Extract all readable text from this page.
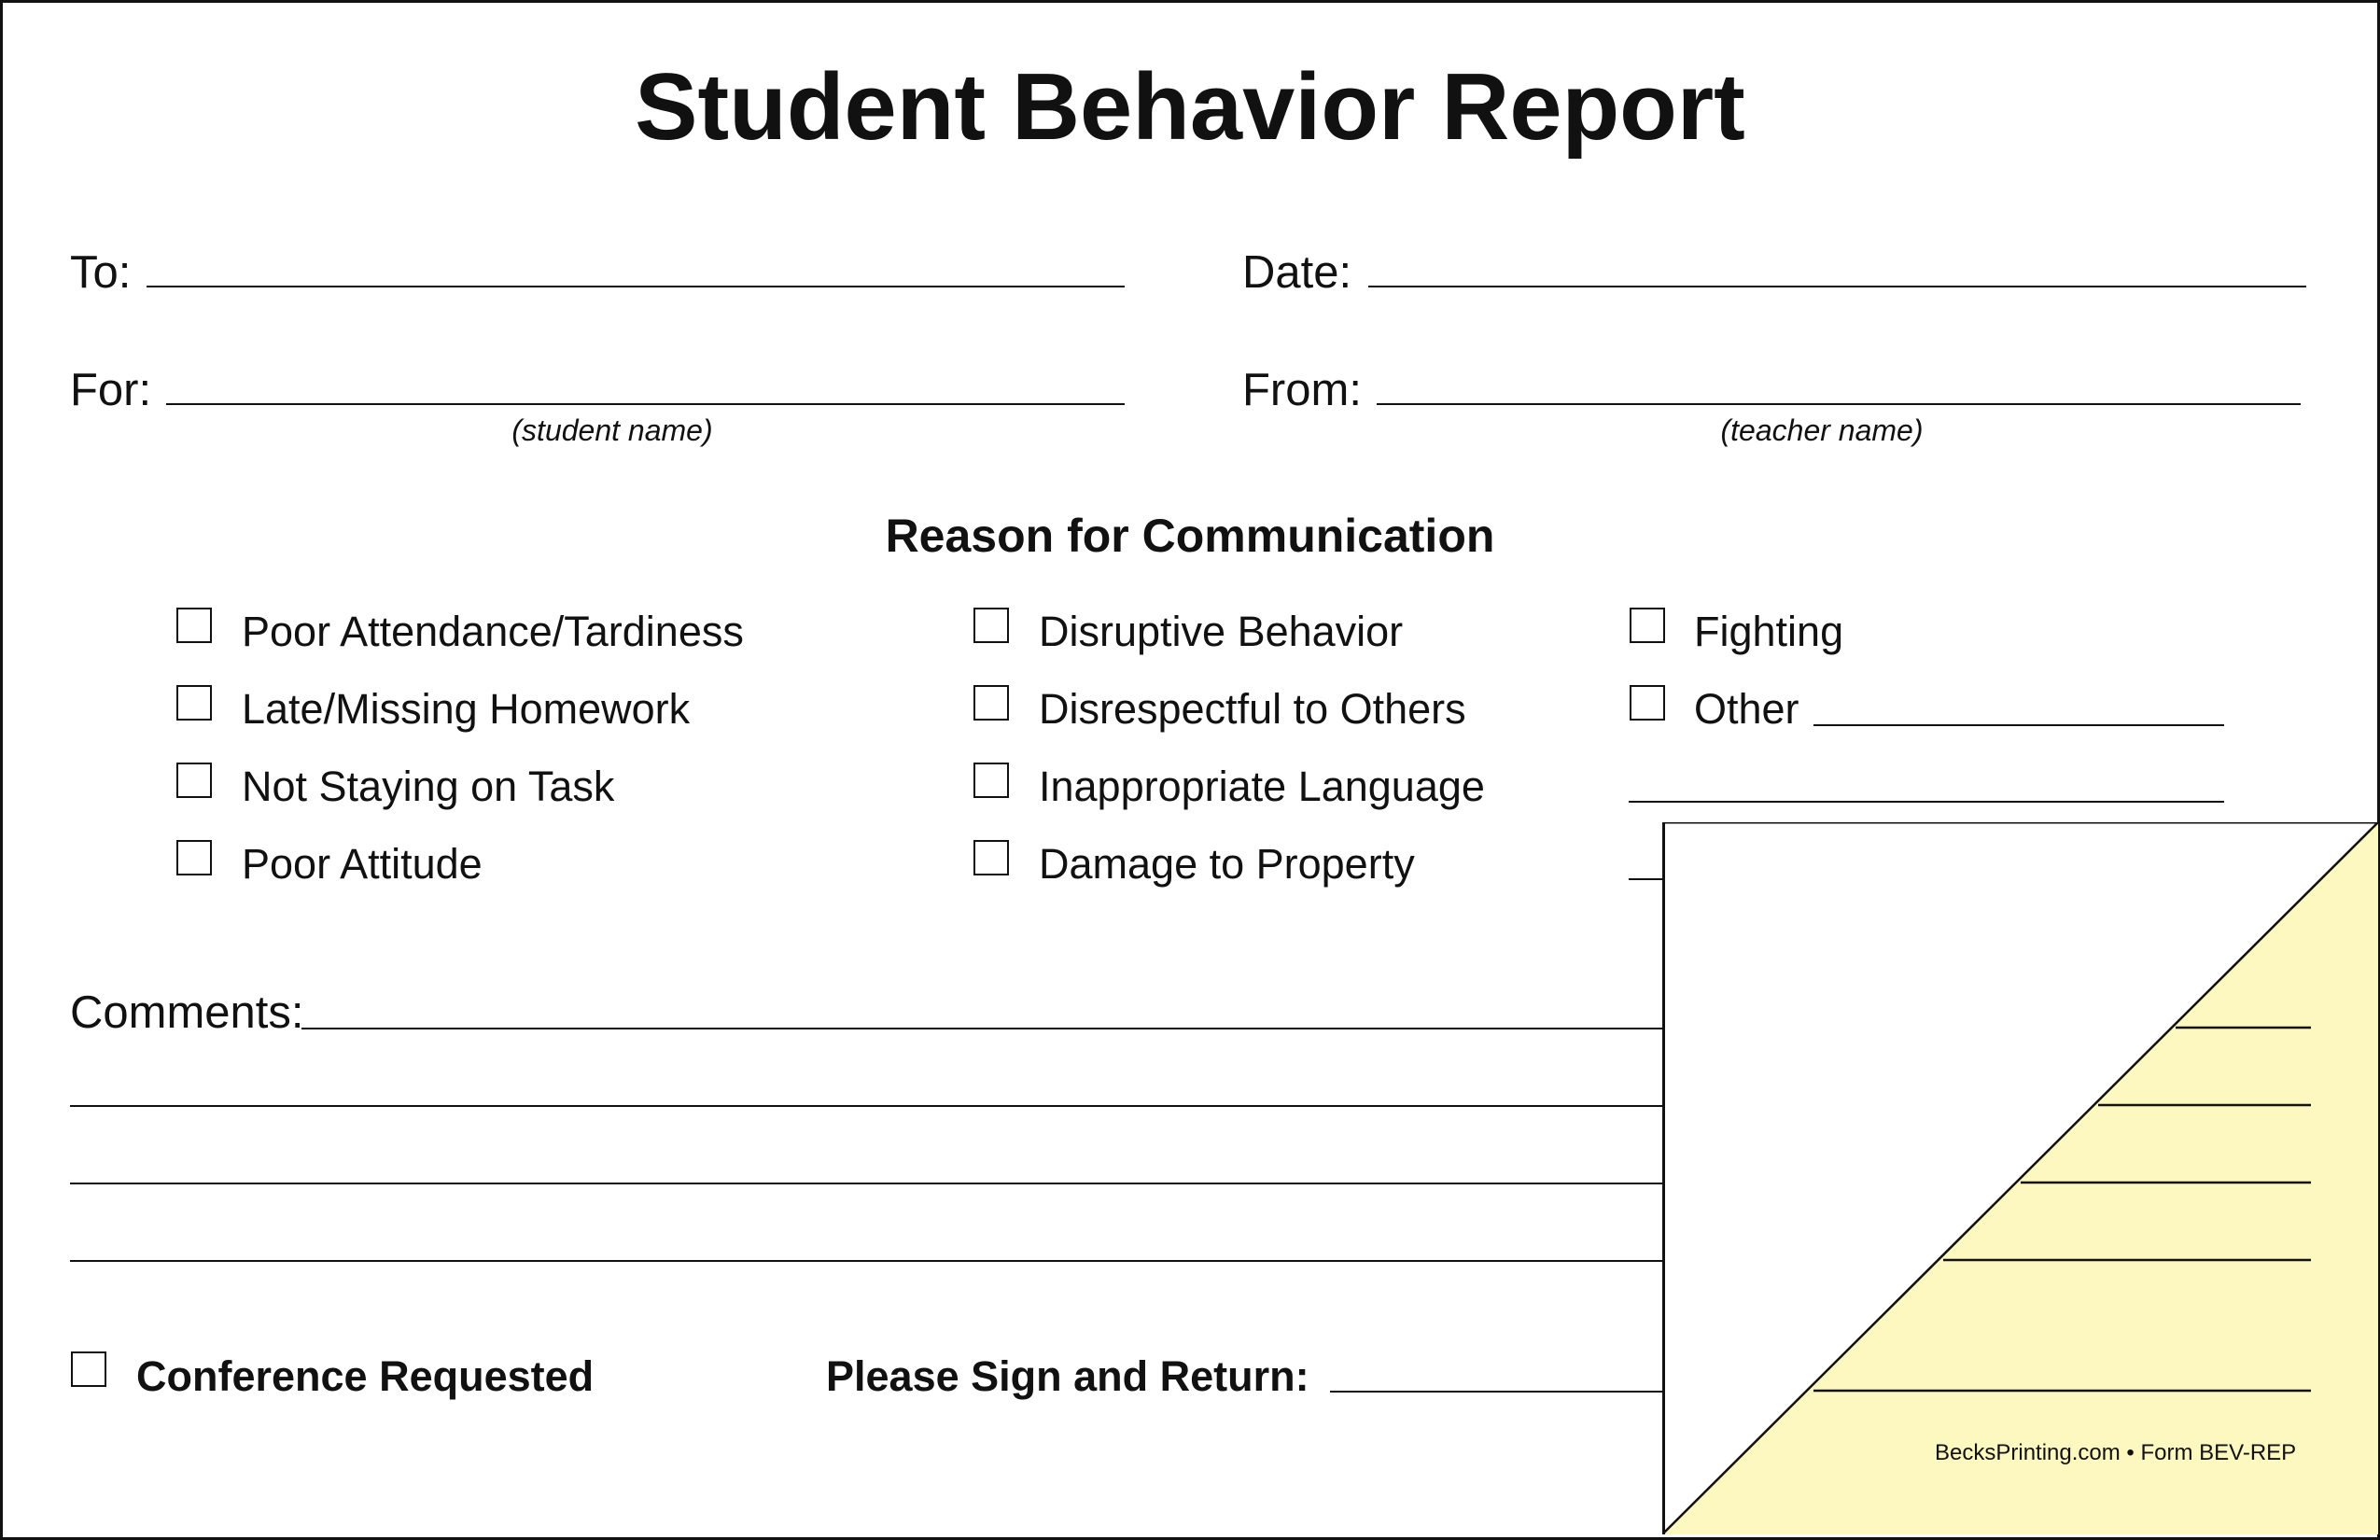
Student Behavior Report
To:	Date:
For:
(student name)
From:
(teacher name)
Reason for Communication
Poor Attendance/Tardiness
Late/Missing Homework
Not Staying on Task
Poor Attitude
Disruptive Behavior
Disrespectful to Others
Inappropriate Language
Damage to Property
Fighting
Other
Comments:
Conference Requested	Please Sign and Return:
BecksPrinting.com • Form BEV-REP
